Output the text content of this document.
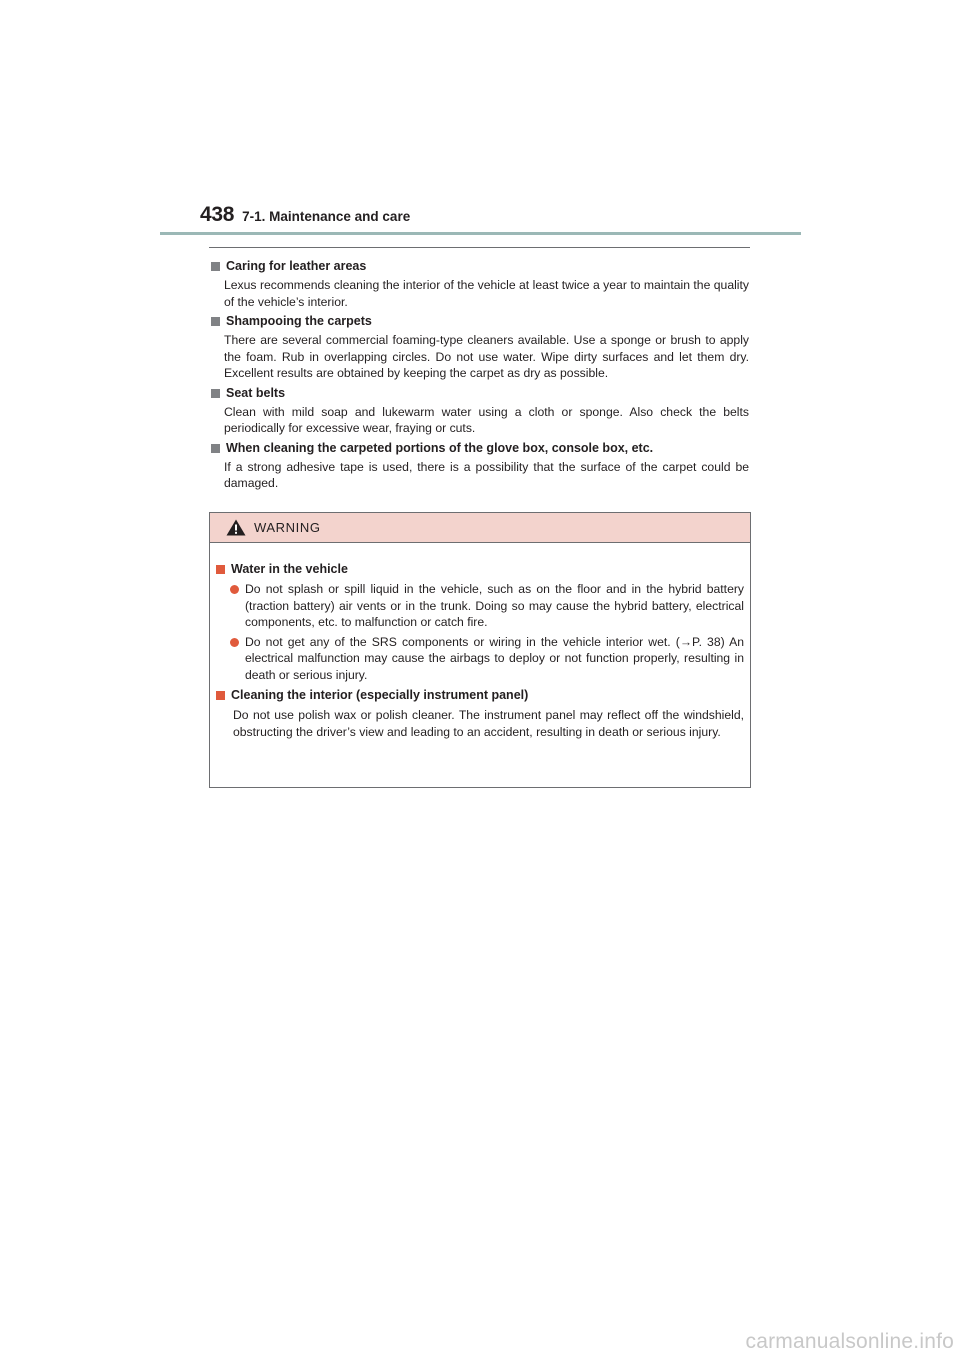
438 7-1. Maintenance and care
Caring for leather areas
Lexus recommends cleaning the interior of the vehicle at least twice a year to maintain the quality of the vehicle’s interior.
Shampooing the carpets
There are several commercial foaming-type cleaners available. Use a sponge or brush to apply the foam. Rub in overlapping circles. Do not use water. Wipe dirty surfaces and let them dry. Excellent results are obtained by keeping the carpet as dry as possible.
Seat belts
Clean with mild soap and lukewarm water using a cloth or sponge. Also check the belts periodically for excessive wear, fraying or cuts.
When cleaning the carpeted portions of the glove box, console box, etc.
If a strong adhesive tape is used, there is a possibility that the surface of the carpet could be damaged.
WARNING
Water in the vehicle
Do not splash or spill liquid in the vehicle, such as on the floor and in the hybrid battery (traction battery) air vents or in the trunk. Doing so may cause the hybrid battery, electrical components, etc. to malfunction or catch fire.
Do not get any of the SRS components or wiring in the vehicle interior wet. (→P. 38) An electrical malfunction may cause the airbags to deploy or not function properly, resulting in death or serious injury.
Cleaning the interior (especially instrument panel)
Do not use polish wax or polish cleaner. The instrument panel may reflect off the windshield, obstructing the driver’s view and leading to an accident, resulting in death or serious injury.
carmanualsonline.info
